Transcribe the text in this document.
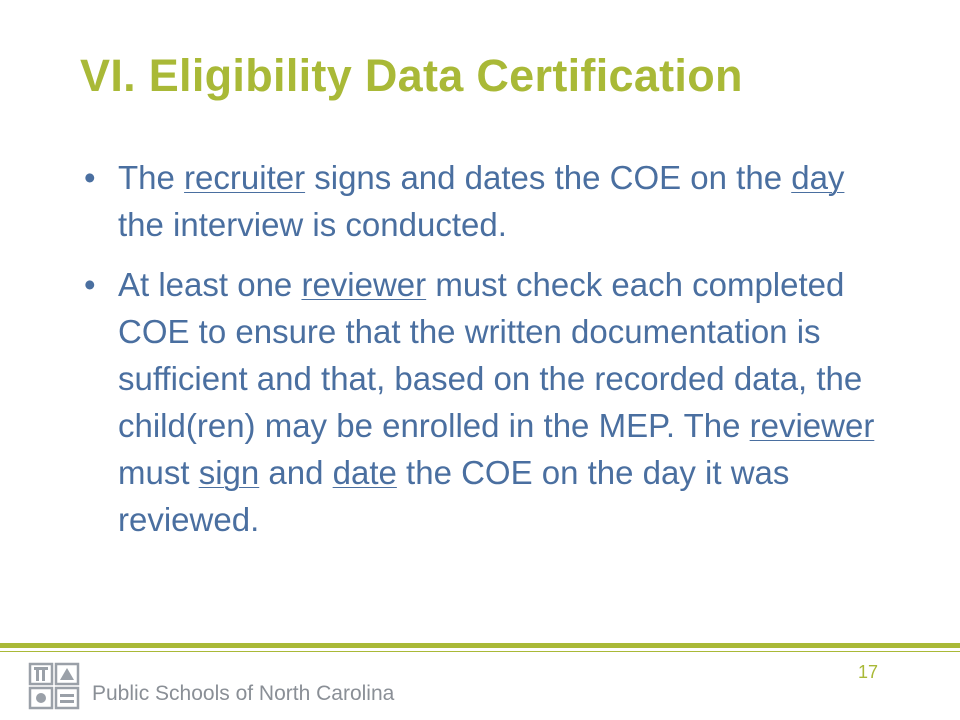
VI. Eligibility Data Certification
• The recruiter signs and dates the COE on the day the interview is conducted.
• At least one reviewer must check each completed COE to ensure that the written documentation is sufficient and that, based on the recorded data, the child(ren) may be enrolled in the MEP. The reviewer must sign and date the COE on the day it was reviewed.
Public Schools of North Carolina
17
